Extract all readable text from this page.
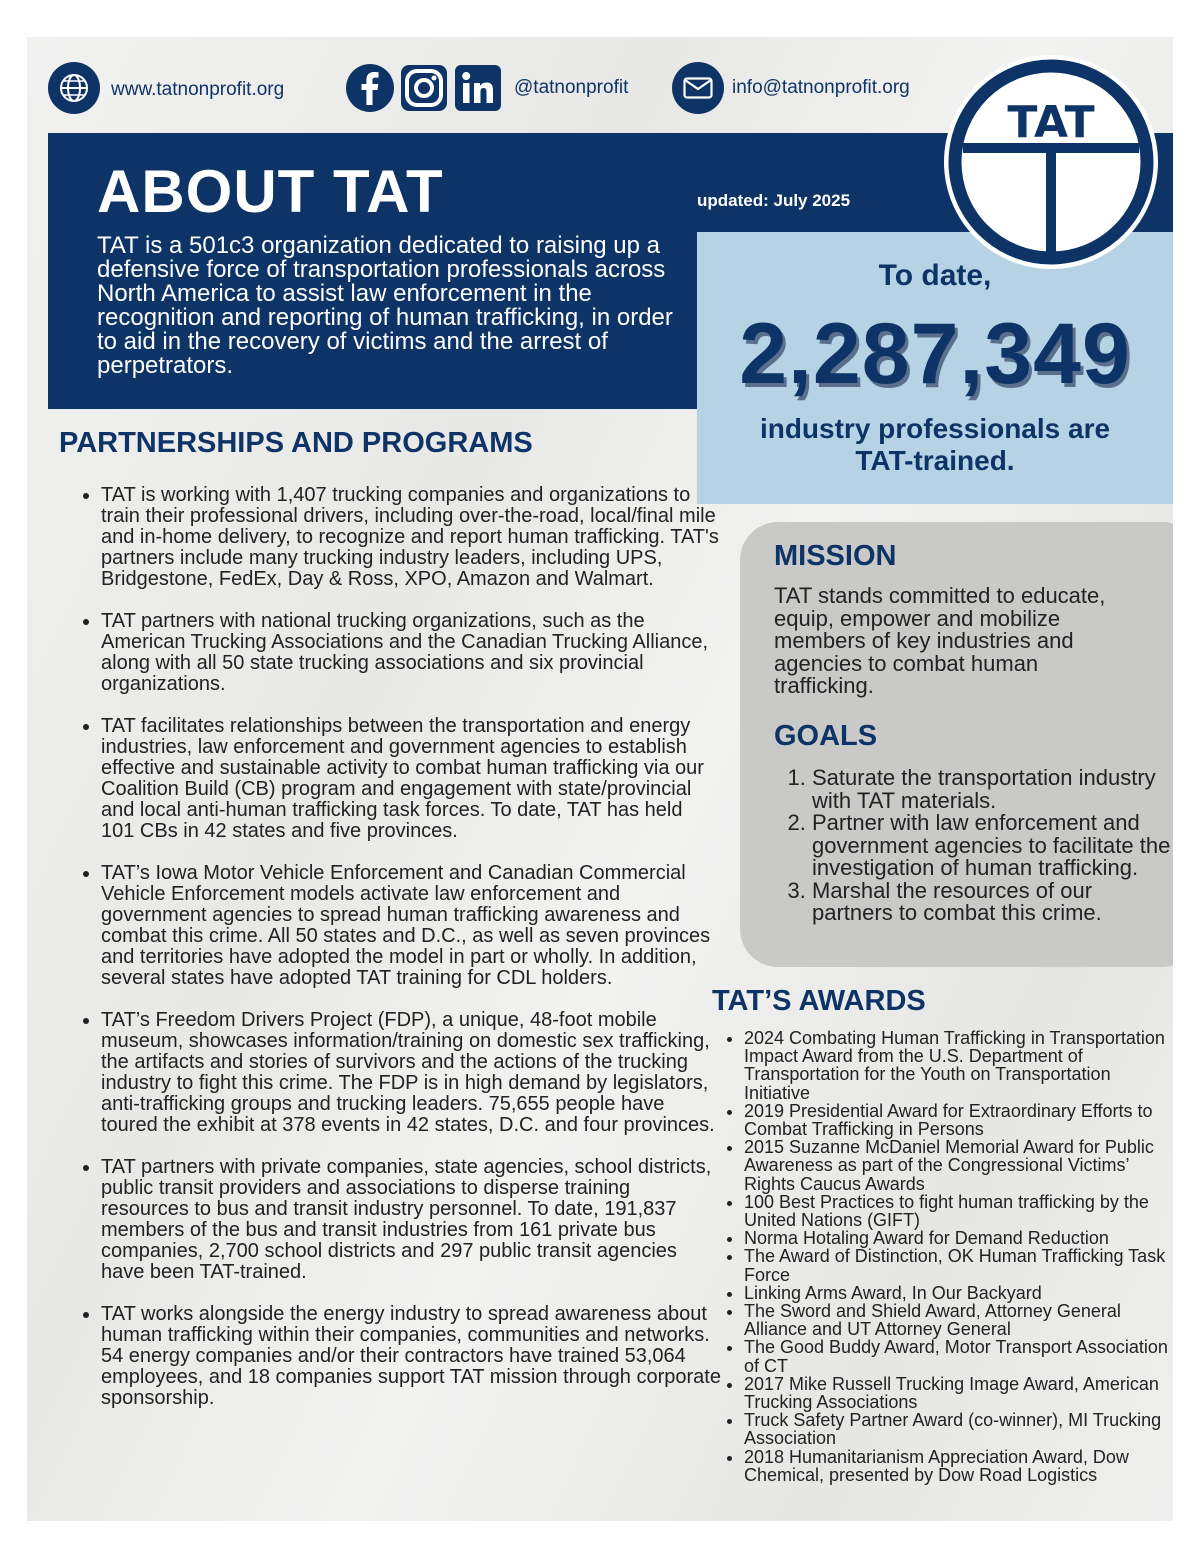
www.tatnonprofit.org	@tatnonprofit	info@tatnonprofit.org
ABOUT TAT	updated: July 2025
TAT is a 501c3 organization dedicated to raising up a defensive force of transportation professionals across North America to assist law enforcement in the recognition and reporting of human trafficking, in order to aid in the recovery of victims and the arrest of perpetrators.
To date,
2,287,349
industry professionals are TAT-trained.
TAT
PARTNERSHIPS AND PROGRAMS
• TAT is working with 1,407 trucking companies and organizations to train their professional drivers, including over-the-road, local/final mile and in-home delivery, to recognize and report human trafficking. TAT's partners include many trucking industry leaders, including UPS, Bridgestone, FedEx, Day & Ross, XPO, Amazon and Walmart.
• TAT partners with national trucking organizations, such as the American Trucking Associations and the Canadian Trucking Alliance, along with all 50 state trucking associations and six provincial organizations.
• TAT facilitates relationships between the transportation and energy industries, law enforcement and government agencies to establish effective and sustainable activity to combat human trafficking via our Coalition Build (CB) program and engagement with state/provincial and local anti-human trafficking task forces. To date, TAT has held 101 CBs in 42 states and five provinces.
• TAT’s Iowa Motor Vehicle Enforcement and Canadian Commercial Vehicle Enforcement models activate law enforcement and government agencies to spread human trafficking awareness and combat this crime. All 50 states and D.C., as well as seven provinces and territories have adopted the model in part or wholly. In addition, several states have adopted TAT training for CDL holders.
• TAT’s Freedom Drivers Project (FDP), a unique, 48-foot mobile museum, showcases information/training on domestic sex trafficking, the artifacts and stories of survivors and the actions of the trucking industry to fight this crime. The FDP is in high demand by legislators, anti-trafficking groups and trucking leaders. 75,655 people have toured the exhibit at 378 events in 42 states, D.C. and four provinces.
• TAT partners with private companies, state agencies, school districts, public transit providers and associations to disperse training resources to bus and transit industry personnel. To date, 191,837 members of the bus and transit industries from 161 private bus companies, 2,700 school districts and 297 public transit agencies have been TAT-trained.
• TAT works alongside the energy industry to spread awareness about human trafficking within their companies, communities and networks. 54 energy companies and/or their contractors have trained 53,064 employees, and 18 companies support TAT mission through corporate sponsorship.
MISSION
TAT stands committed to educate, equip, empower and mobilize members of key industries and agencies to combat human trafficking.
GOALS
1. Saturate the transportation industry with TAT materials.
2. Partner with law enforcement and government agencies to facilitate the investigation of human trafficking.
3. Marshal the resources of our partners to combat this crime.
TAT’S AWARDS
• 2024 Combating Human Trafficking in Transportation Impact Award from the U.S. Department of Transportation for the Youth on Transportation Initiative
• 2019 Presidential Award for Extraordinary Efforts to Combat Trafficking in Persons
• 2015 Suzanne McDaniel Memorial Award for Public Awareness as part of the Congressional Victims’ Rights Caucus Awards
• 100 Best Practices to fight human trafficking by the United Nations (GIFT)
• Norma Hotaling Award for Demand Reduction
• The Award of Distinction, OK Human Trafficking Task Force
• Linking Arms Award, In Our Backyard
• The Sword and Shield Award, Attorney General Alliance and UT Attorney General
• The Good Buddy Award, Motor Transport Association of CT
• 2017 Mike Russell Trucking Image Award, American Trucking Associations
• Truck Safety Partner Award (co-winner), MI Trucking Association
• 2018 Humanitarianism Appreciation Award, Dow Chemical, presented by Dow Road Logistics
